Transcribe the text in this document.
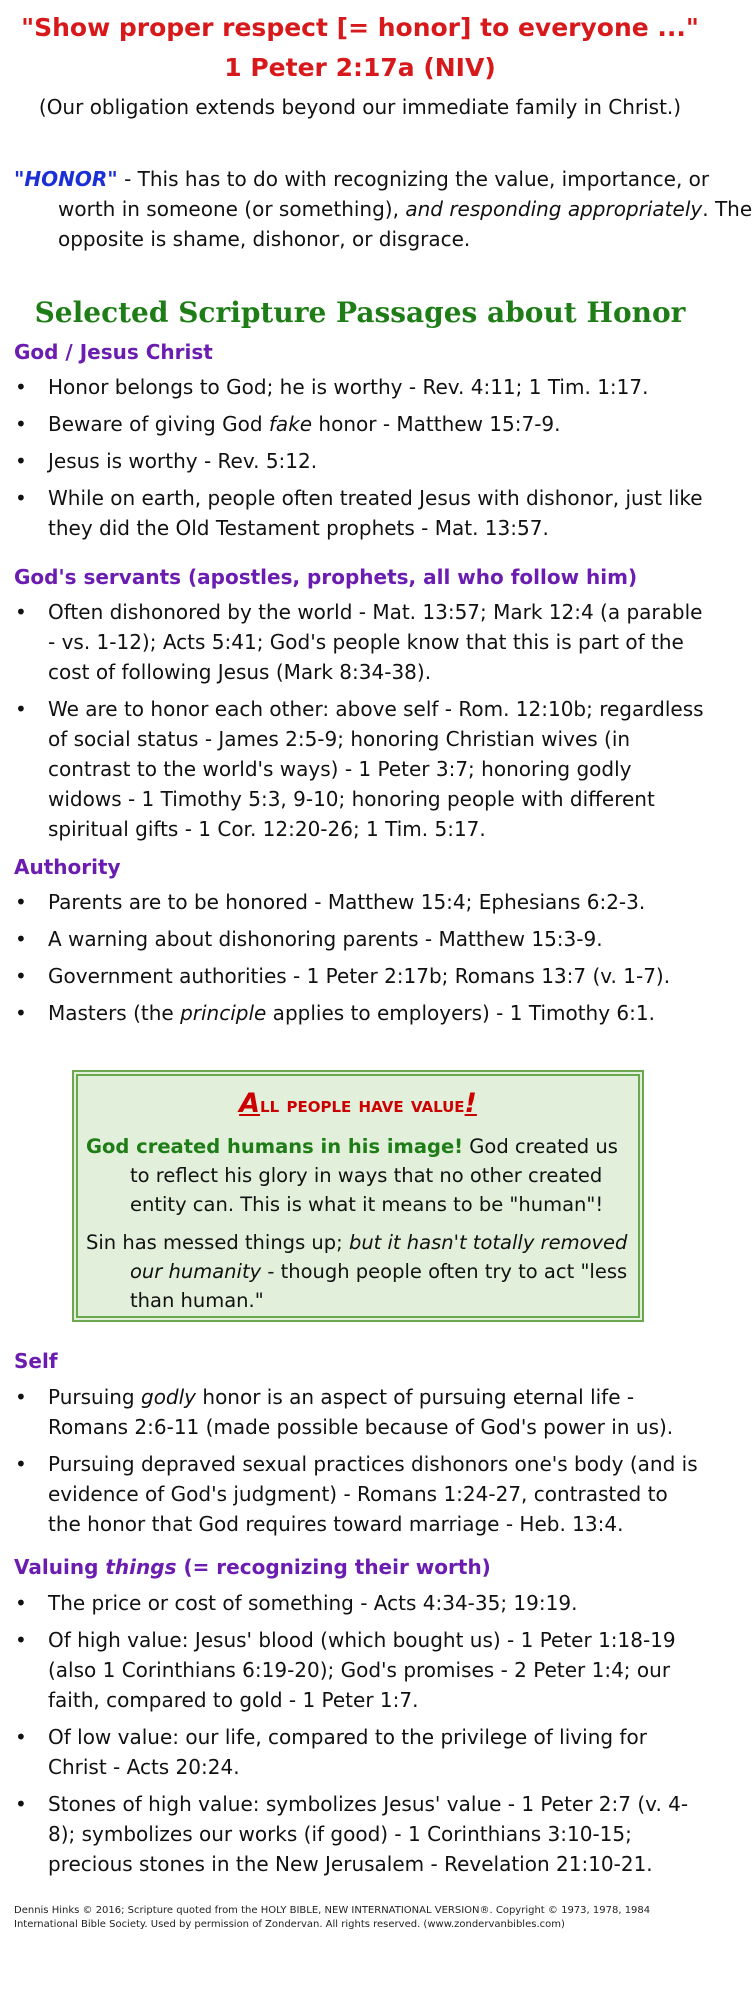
"Show proper respect [= honor] to everyone ..."
1 Peter 2:17a (NIV)
(Our obligation extends beyond our immediate family in Christ.)
"HONOR" - This has to do with recognizing the value, importance, or worth in someone (or something), and responding appropriately. The opposite is shame, dishonor, or disgrace.
Selected Scripture Passages about Honor
God / Jesus Christ
• Honor belongs to God; he is worthy - Rev. 4:11; 1 Tim. 1:17.
• Beware of giving God fake honor - Matthew 15:7-9.
• Jesus is worthy - Rev. 5:12.
• While on earth, people often treated Jesus with dishonor, just like they did the Old Testament prophets - Mat. 13:57.
God's servants (apostles, prophets, all who follow him)
• Often dishonored by the world - Mat. 13:57; Mark 12:4 (a parable - vs. 1-12); Acts 5:41; God's people know that this is part of the cost of following Jesus (Mark 8:34-38).
• We are to honor each other: above self - Rom. 12:10b; regardless of social status - James 2:5-9; honoring Christian wives (in contrast to the world's ways) - 1 Peter 3:7; honoring godly widows - 1 Timothy 5:3, 9-10; honoring people with different spiritual gifts - 1 Cor. 12:20-26; 1 Tim. 5:17.
Authority
• Parents are to be honored - Matthew 15:4; Ephesians 6:2-3.
• A warning about dishonoring parents - Matthew 15:3-9.
• Government authorities - 1 Peter 2:17b; Romans 13:7 (v. 1-7).
• Masters (the principle applies to employers) - 1 Timothy 6:1.
All people have value!
God created humans in his image! God created us to reflect his glory in ways that no other created entity can. This is what it means to be "human"!
Sin has messed things up; but it hasn't totally removed our humanity - though people often try to act "less than human."
Self
• Pursuing godly honor is an aspect of pursuing eternal life - Romans 2:6-11 (made possible because of God's power in us).
• Pursuing depraved sexual practices dishonors one's body (and is evidence of God's judgment) - Romans 1:24-27, contrasted to the honor that God requires toward marriage - Heb. 13:4.
Valuing things (= recognizing their worth)
• The price or cost of something - Acts 4:34-35; 19:19.
• Of high value: Jesus' blood (which bought us) - 1 Peter 1:18-19 (also 1 Corinthians 6:19-20); God's promises - 2 Peter 1:4; our faith, compared to gold - 1 Peter 1:7.
• Of low value: our life, compared to the privilege of living for Christ - Acts 20:24.
• Stones of high value: symbolizes Jesus' value - 1 Peter 2:7 (v. 4-8); symbolizes our works (if good) - 1 Corinthians 3:10-15; precious stones in the New Jerusalem - Revelation 21:10-21.
Dennis Hinks © 2016; Scripture quoted from the HOLY BIBLE, NEW INTERNATIONAL VERSION®. Copyright © 1973, 1978, 1984 International Bible Society. Used by permission of Zondervan. All rights reserved. (www.zondervanbibles.com)
